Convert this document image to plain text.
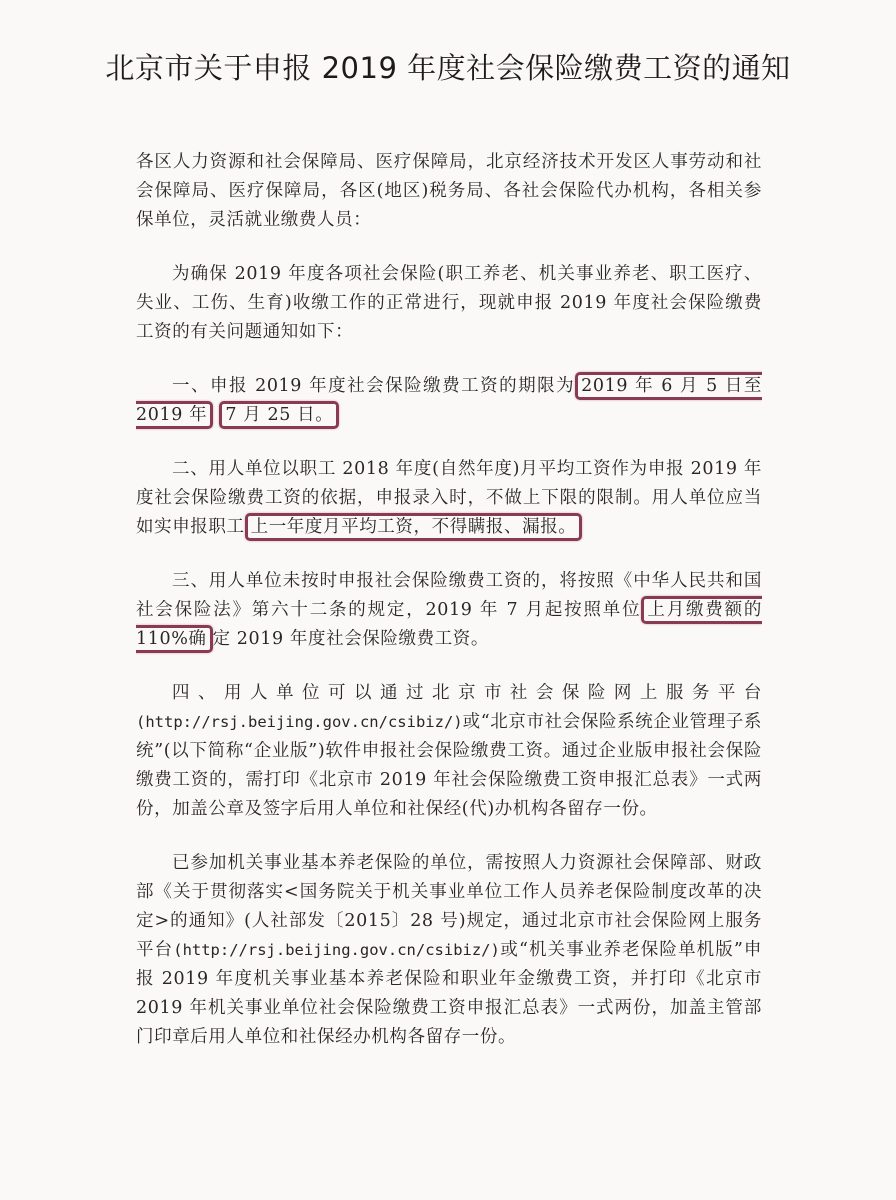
北京市关于申报 2019 年度社会保险缴费工资的通知

各区人力资源和社会保障局、医疗保障局，北京经济技术开发区人事劳动和社会保障局、医疗保障局，各区(地区)税务局、各社会保险代办机构，各相关参保单位，灵活就业缴费人员：

为确保 2019 年度各项社会保险(职工养老、机关事业养老、职工医疗、失业、工伤、生育)收缴工作的正常进行，现就申报 2019 年度社会保险缴费工资的有关问题通知如下：

一、申报 2019 年度社会保险缴费工资的期限为 2019 年 6 月 5 日至 2019 年 7 月 25 日。

二、用人单位以职工 2018 年度(自然年度)月平均工资作为申报 2019 年度社会保险缴费工资的依据，申报录入时，不做上下限的限制。用人单位应当如实申报职工 上一年度月平均工资，不得瞒报、漏报。

三、用人单位未按时申报社会保险缴费工资的，将按照《中华人民共和国社会保险法》第六十二条的规定，2019 年 7 月起按照单位 上月缴费额的 110%确 定 2019 年度社会保险缴费工资。

四、用人单位可以通过北京市社会保险网上服务平台(http://rsj.beijing.gov.cn/csibiz/)或“北京市社会保险系统企业管理子系统”(以下简称“企业版”)软件申报社会保险缴费工资。通过企业版申报社会保险缴费工资的，需打印《北京市 2019 年社会保险缴费工资申报汇总表》一式两份，加盖公章及签字后用人单位和社保经(代)办机构各留存一份。

已参加机关事业基本养老保险的单位，需按照人力资源社会保障部、财政部《关于贯彻落实<国务院关于机关事业单位工作人员养老保险制度改革的决定>的通知》(人社部发〔2015〕28 号)规定，通过北京市社会保险网上服务平台(http://rsj.beijing.gov.cn/csibiz/)或“机关事业养老保险单机版”申报 2019 年度机关事业基本养老保险和职业年金缴费工资，并打印《北京市 2019 年机关事业单位社会保险缴费工资申报汇总表》一式两份，加盖主管部门印章后用人单位和社保经办机构各留存一份。
